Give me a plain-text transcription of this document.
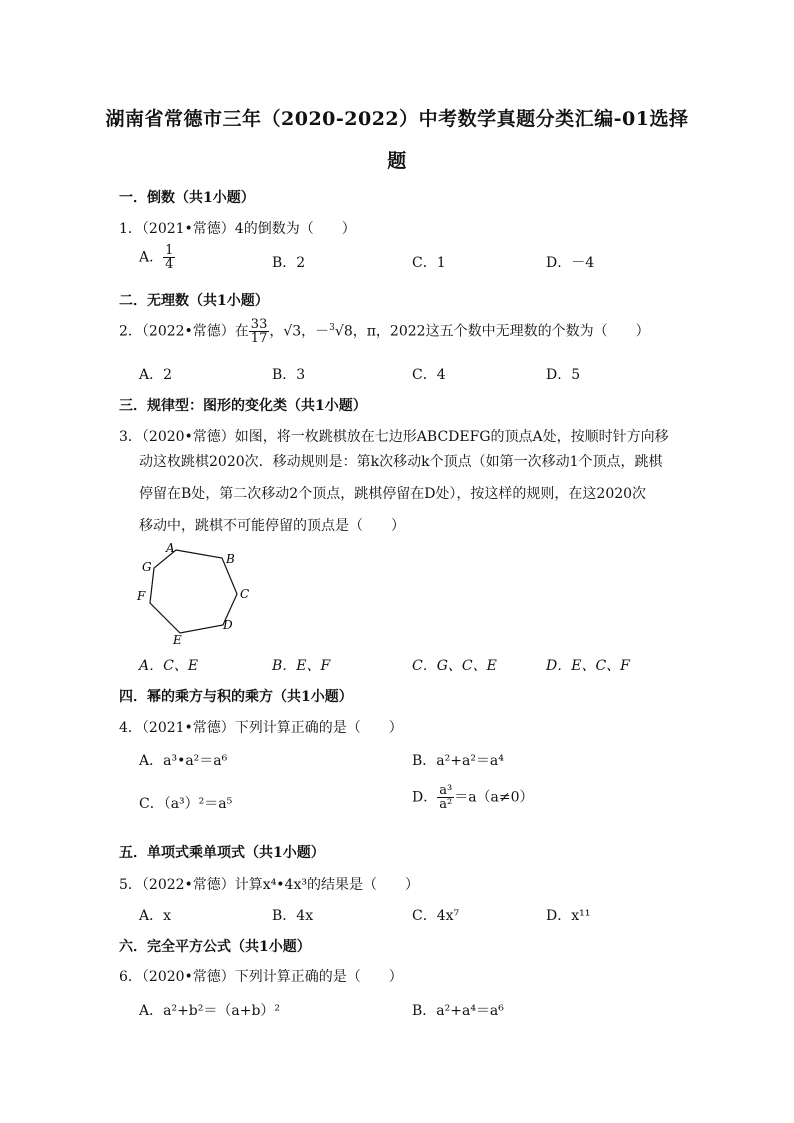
湖南省常德市三年（2020-2022）中考数学真题分类汇编-01选择
题
一．倒数（共1小题）
1．（2021•常德）4的倒数为（　　）
A． $\frac{1}{4}$	B．2	C．1	D．－4
二．无理数（共1小题）
2．（2022•常德）在 $\frac{33}{17}$ ，√3，－$^3$√8，π，2022这五个数中无理数的个数为（　　）
A．2	B．3	C．4	D．5
三．规律型：图形的变化类（共1小题）
3．（2020•常德）如图，将一枚跳棋放在七边形ABCDEFG的顶点A处，按顺时针方向移
动这枚跳棋2020次．移动规则是：第k次移动k个顶点（如第一次移动1个顶点，跳棋
停留在B处，第二次移动2个顶点，跳棋停留在D处），按这样的规则，在这2020次
移动中，跳棋不可能停留的顶点是（　　）
A
B
C
D
E
F
G
A．C、E	B．E、F	C．G、C、E	D．E、C、F
四．幂的乘方与积的乘方（共1小题）
4．（2021•常德）下列计算正确的是（　　）
A．a³•a²＝a⁶	B．a²+a²＝a⁴
C．（a³）²＝a⁵	D． $\frac{\text{a³}}{\text{a²}} =a(a\ne 0)$
五．单项式乘单项式（共1小题）
5．（2022•常德）计算x⁴•4x³的结果是（　　）
A．x	B．4x	C．4x⁷	D．x¹¹
六．完全平方公式（共1小题）
6．（2020•常德）下列计算正确的是（　　）
A．a²+b²＝（a+b）²	B．a²+a⁴＝a⁶
